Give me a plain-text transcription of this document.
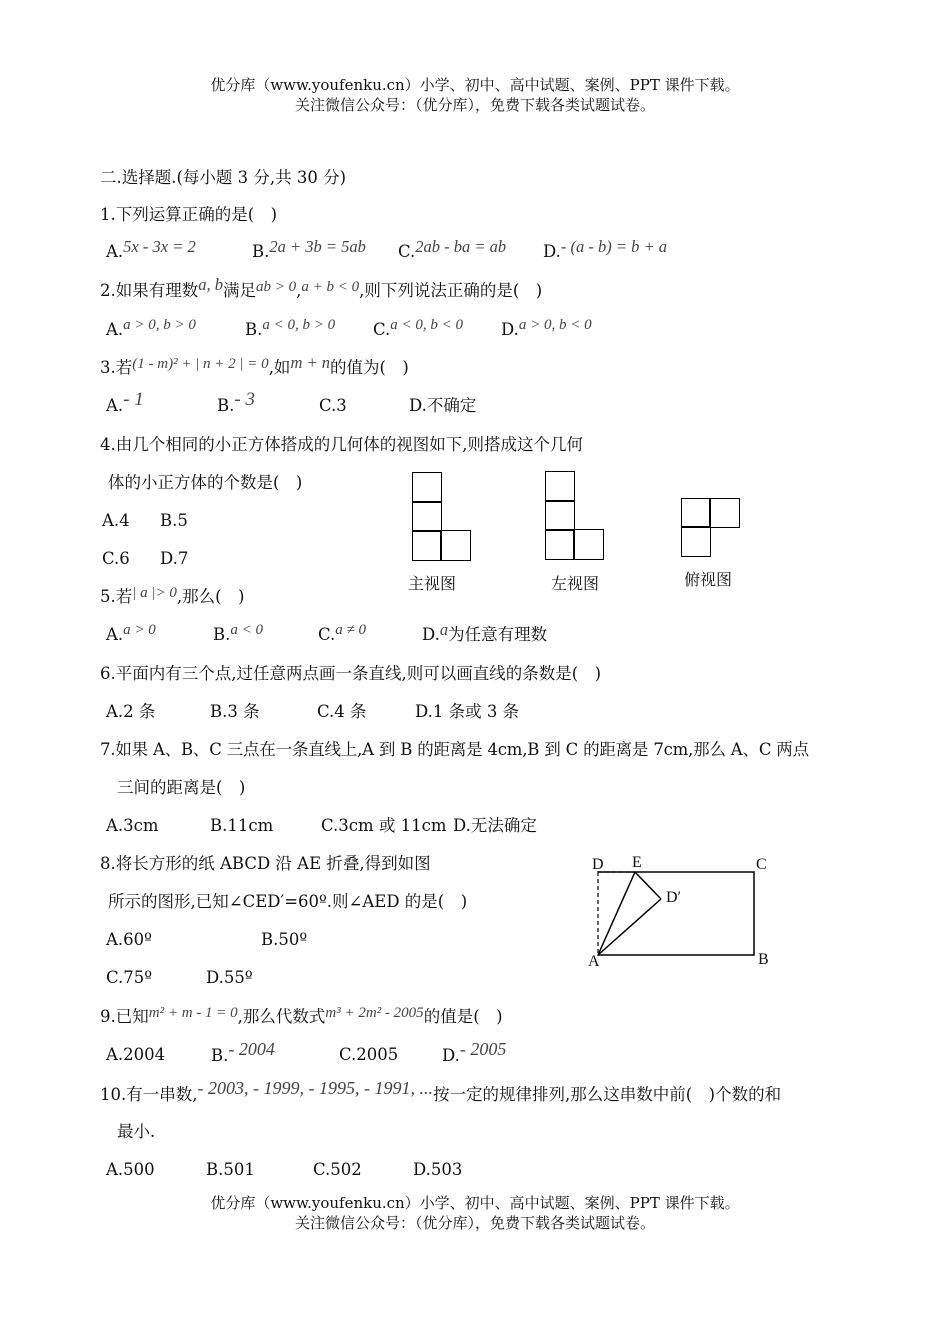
优分库（www.youfenku.cn）小学、初中、高中试题、案例、PPT 课件下载。
关注微信公众号：（优分库），免费下载各类试题试卷。
二.选择题.(每小题 3 分,共 30 分)
1.下列运算正确的是(　)
A.5x - 3x = 2	B.2a + 3b = 5ab C.2ab - ba = ab D.- (a - b) = b + a
2.如果有理数a, b满足ab > 0,a + b < 0,则下列说法正确的是(　)
A.a > 0, b > 0	B.a < 0, b > 0 C.a < 0, b < 0 D.a > 0, b < 0
3.若(1 - m)² + | n + 2 | = 0,如m + n的值为(　)
A.- 1	B.- 3	C.3	D.不确定
4.由几个相同的小正方体搭成的几何体的视图如下,则搭成这个几何
体的小正方体的个数是(　)
A.4 B.5
C.6 D.7
主视图	左视图	俯视图
5.若| a |> 0,那么(　)
A.a > 0	B.a < 0	C.a ≠ 0	D.a为任意有理数
6.平面内有三个点,过任意两点画一条直线,则可以画直线的条数是(　)
A.2 条	B.3 条	C.4 条	D.1 条或 3 条
7.如果 A、B、C 三点在一条直线上,A 到 B 的距离是 4cm,B 到 C 的距离是 7cm,那么 A、C 两点
三间的距离是(　)
A.3cm	B.11cm	C.3cm 或 11cm D.无法确定
8.将长方形的纸 ABCD 沿 AE 折叠,得到如图
所示的图形,已知∠CED′=60º.则∠AED 的是(　)
A.60º	B.50º
C.75º	D.55º
D E	C
D′
A	B
9.已知m² + m - 1 = 0,那么代数式m³ + 2m² - 2005的值是(　)
A.2004	B.- 2004	C.2005	D.- 2005
10.有一串数,- 2003, - 1999, - 1995, - 1991, ...按一定的规律排列,那么这串数中前(　)个数的和
最小.
A.500	B.501	C.502	D.503
优分库（www.youfenku.cn）小学、初中、高中试题、案例、PPT 课件下载。
关注微信公众号：（优分库），免费下载各类试题试卷。
